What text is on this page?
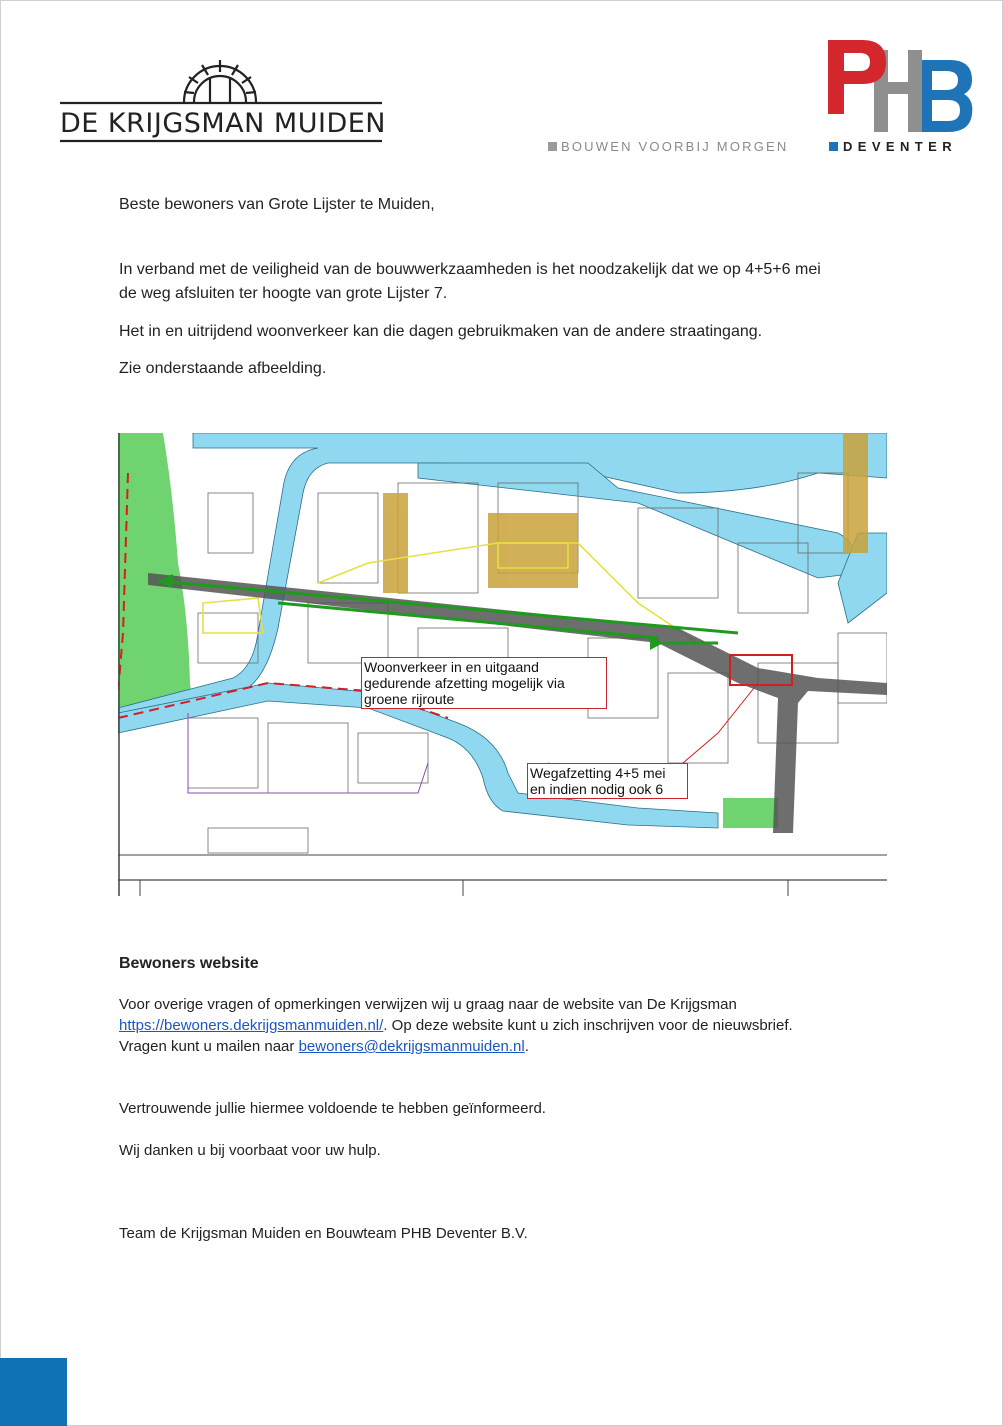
DE KRIJGSMAN MUIDEN
BOUWEN VOORBIJ MORGEN	DEVENTER
Beste bewoners van Grote Lijster te Muiden,
In verband met de veiligheid van de bouwwerkzaamheden is het noodzakelijk dat we op 4+5+6 mei
de weg afsluiten ter hoogte van grote Lijster 7.
Het in en uitrijdend woonverkeer kan die dagen gebruikmaken van de andere straatingang.
Zie onderstaande afbeelding.
Woonverkeer in en uitgaand
gedurende afzetting mogelijk via
groene rijroute
Wegafzetting 4+5 mei
en indien nodig ook 6
Bewoners website
Voor overige vragen of opmerkingen verwijzen wij u graag naar de website van De Krijgsman
https://bewoners.dekrijgsmanmuiden.nl/. Op deze website kunt u zich inschrijven voor de nieuwsbrief.
Vragen kunt u mailen naar bewoners@dekrijgsmanmuiden.nl.
Vertrouwende jullie hiermee voldoende te hebben geïnformeerd.
Wij danken u bij voorbaat voor uw hulp.
Team de Krijgsman Muiden en Bouwteam PHB Deventer B.V.
